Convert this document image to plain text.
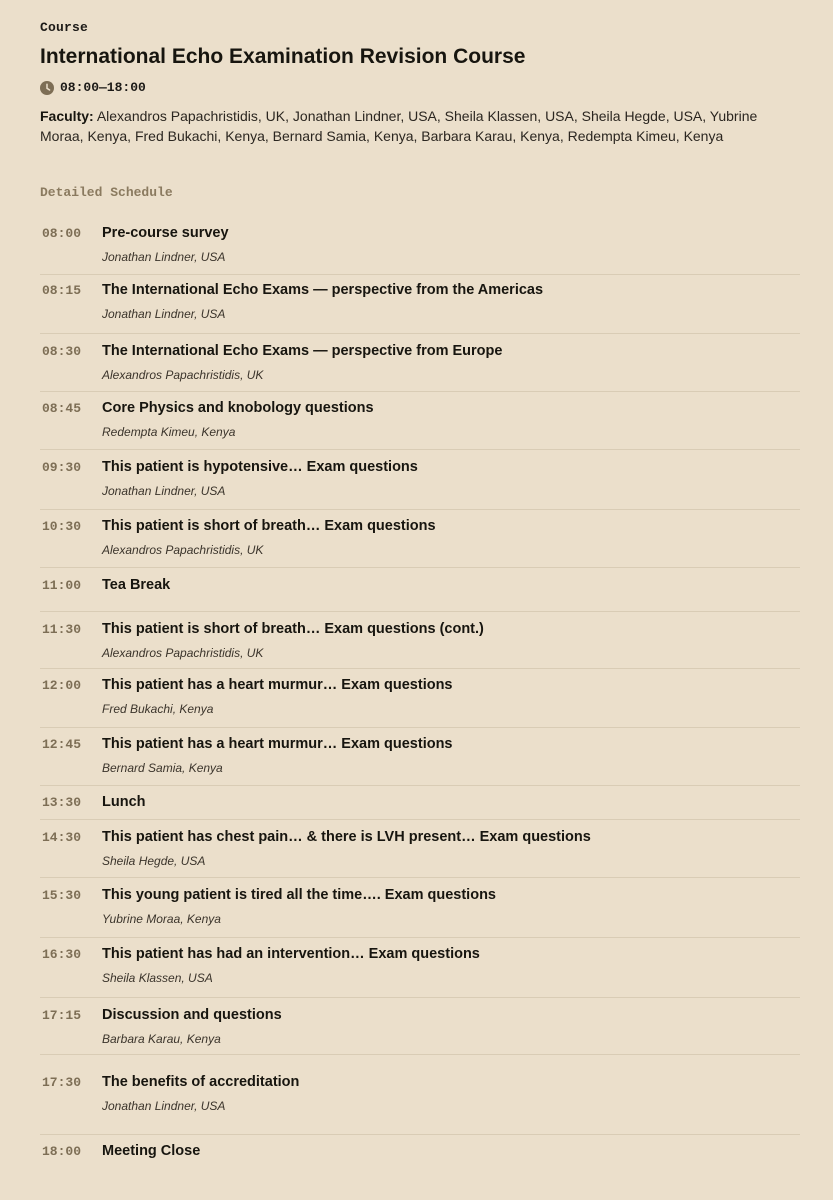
Course
International Echo Examination Revision Course
08:00—18:00
Faculty: Alexandros Papachristidis, UK, Jonathan Lindner, USA, Sheila Klassen, USA, Sheila Hegde, USA, Yubrine Moraa, Kenya, Fred Bukachi, Kenya, Bernard Samia, Kenya, Barbara Karau, Kenya, Redempta Kimeu, Kenya
Detailed Schedule
08:00 Pre-course survey
Jonathan Lindner, USA
08:15 The International Echo Exams — perspective from the Americas
Jonathan Lindner, USA
08:30 The International Echo Exams — perspective from Europe
Alexandros Papachristidis, UK
08:45 Core Physics and knobology questions
Redempta Kimeu, Kenya
09:30 This patient is hypotensive… Exam questions
Jonathan Lindner, USA
10:30 This patient is short of breath… Exam questions
Alexandros Papachristidis, UK
11:00 Tea Break
11:30 This patient is short of breath… Exam questions (cont.)
Alexandros Papachristidis, UK
12:00 This patient has a heart murmur… Exam questions
Fred Bukachi, Kenya
12:45 This patient has a heart murmur… Exam questions
Bernard Samia, Kenya
13:30 Lunch
14:30 This patient has chest pain… & there is LVH present… Exam questions
Sheila Hegde, USA
15:30 This young patient is tired all the time…. Exam questions
Yubrine Moraa, Kenya
16:30 This patient has had an intervention… Exam questions
Sheila Klassen, USA
17:15 Discussion and questions
Barbara Karau, Kenya
17:30 The benefits of accreditation
Jonathan Lindner, USA
18:00 Meeting Close
